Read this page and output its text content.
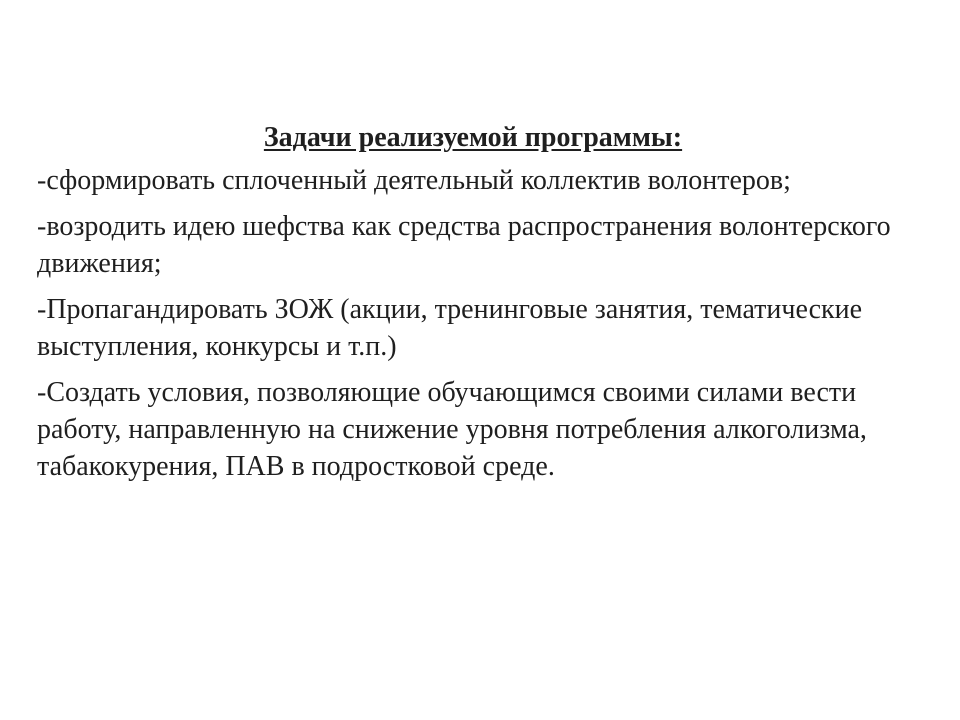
Задачи реализуемой программы:
-сформировать сплоченный деятельный коллектив волонтеров;
-возродить идею шефства как средства распространения волонтерского движения;
-Пропагандировать ЗОЖ (акции, тренинговые занятия, тематические выступления, конкурсы и т.п.)
-Создать условия, позволяющие обучающимся своими силами вести работу, направленную на снижение уровня потребления алкоголизма, табакокурения, ПАВ в подростковой среде.
